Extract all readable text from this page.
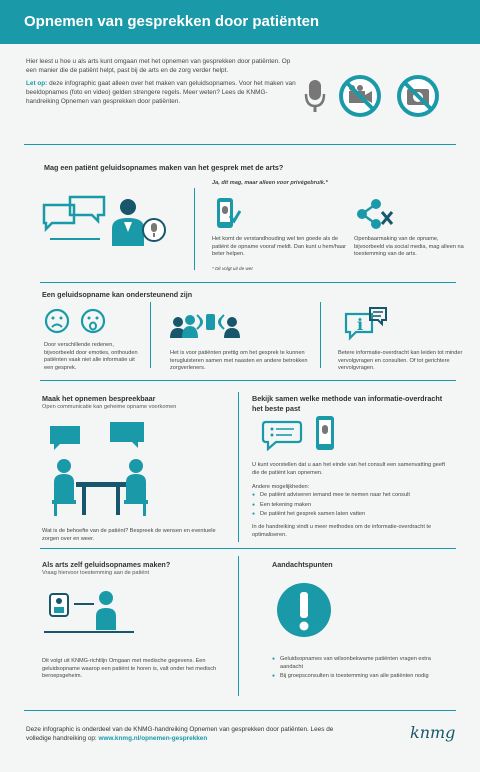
Opnemen van gesprekken door patiënten

Hier leest u hoe u als arts kunt omgaan met het opnemen van gesprekken door patiënten. Op een manier die de patiënt helpt, past bij de arts en de zorg verder helpt.

Let op: deze infographic gaat alleen over het maken van geluidsopnames. Voor het maken van beeldopnames (foto en video) gelden strengere regels. Meer weten? Lees de KNMG-handreiking Opnemen van gesprekken door patiënten.

Mag een patiënt geluidsopnames maken van het gesprek met de arts?
Ja, dit mag, maar alleen voor privégebruik.*
Het komt de verstandhouding wel ten goede als de patiënt de opname vooraf meldt. Dan kunt u hem/haar beter helpen.
Openbaarmaking van de opname, bijvoorbeeld via social media, mag alleen na toestemming van de arts.
* Dit volgt uit de wet
Een geluidsopname kan ondersteunend zijn
Door verschillende redenen, bijvoorbeeld door emoties, onthouden patiënten vaak niet alle informatie uit een gesprek.
Het is voor patiënten prettig om het gesprek te kunnen terugluisteren samen met naasten en andere betrokken zorgverleners.
i
Betere informatie-overdracht kan leiden tot minder vervolgvragen en consulten. Of tot gerichtere vervolgvragen.
Maak het opnemen bespreekbaar
Open communicatie kan geheime opname voorkomen
Wat is de behoefte van de patiënt? Bespreek de wensen en eventuele zorgen over en weer.
Bekijk samen welke methode van informatie-overdracht het beste past
U kunt voorstellen dat u aan het einde van het consult een samenvatting geeft die de patiënt kan opnemen.
Andere mogelijkheden:
● De patiënt adviseren iemand mee te nemen naar het consult
● Een tekening maken
● De patiënt het gesprek samen laten vatten
In de handreiking vindt u meer methodes om de informatie-overdracht te optimaliseren.
Als arts zelf geluidsopnames maken?
Vraag hiervoor toestemming aan de patiënt
Dit volgt uit KNMG-richtlijn Omgaan met medische gegevens. Een geluidsopname waarop een patiënt te horen is, valt onder het medisch beroepsgeheim.
Aandachtspunten
● Geluidsopnames van wilsonbekwame patiënten vragen extra aandacht
● Bij groepsconsulten is toestemming van alle patiënten nodig
Deze infographic is onderdeel van de KNMG-handreiking Opnemen van gesprekken door patiënten. Lees de volledige handreiking op: www.knmg.nl/opnemen-gesprekken	knmg
